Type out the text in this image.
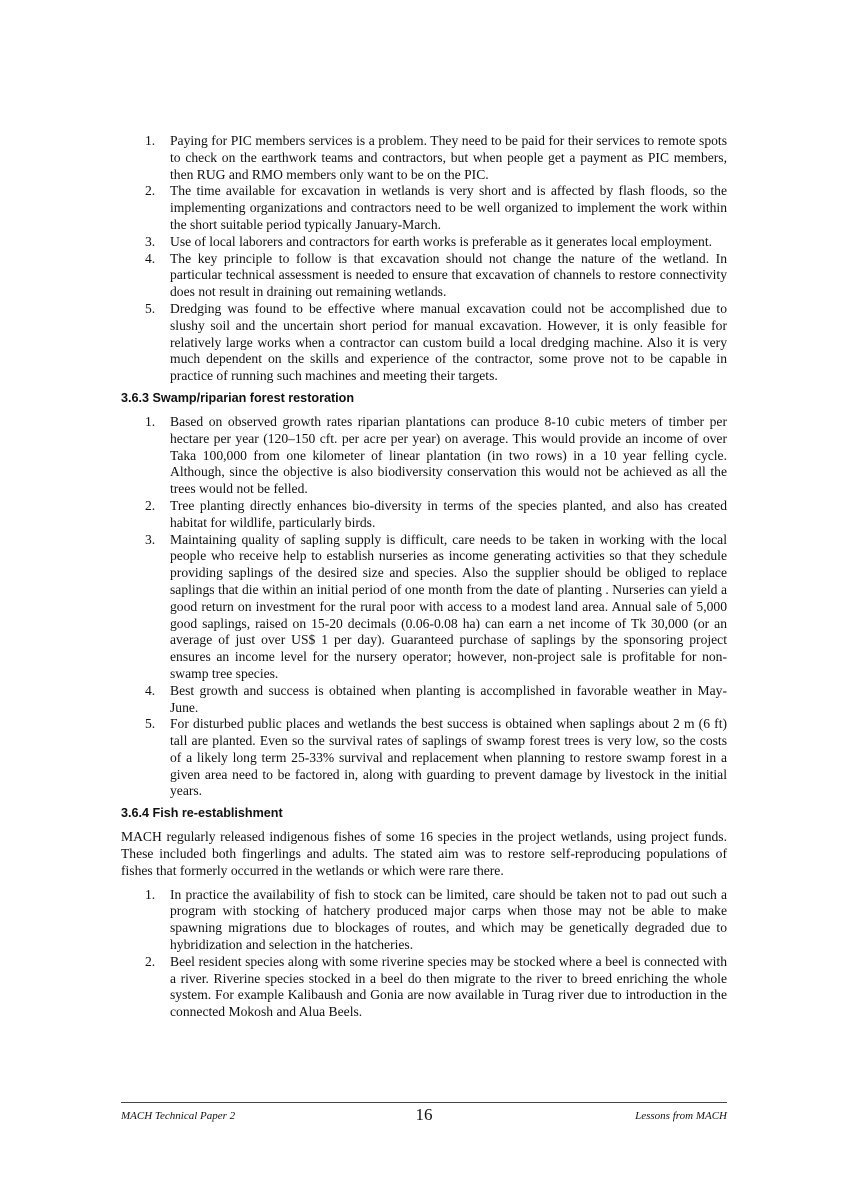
1. Paying for PIC members services is a problem. They need to be paid for their services to remote spots to check on the earthwork teams and contractors, but when people get a payment as PIC members, then RUG and RMO members only want to be on the PIC.
2. The time available for excavation in wetlands is very short and is affected by flash floods, so the implementing organizations and contractors need to be well organized to implement the work within the short suitable period typically January-March.
3. Use of local laborers and contractors for earth works is preferable as it generates local employment.
4. The key principle to follow is that excavation should not change the nature of the wetland. In particular technical assessment is needed to ensure that excavation of channels to restore connectivity does not result in draining out remaining wetlands.
5. Dredging was found to be effective where manual excavation could not be accomplished due to slushy soil and the uncertain short period for manual excavation. However, it is only feasible for relatively large works when a contractor can custom build a local dredging machine. Also it is very much dependent on the skills and experience of the contractor, some prove not to be capable in practice of running such machines and meeting their targets.
3.6.3 Swamp/riparian forest restoration
1. Based on observed growth rates riparian plantations can produce 8-10 cubic meters of timber per hectare per year (120–150 cft. per acre per year) on average. This would provide an income of over Taka 100,000 from one kilometer of linear plantation (in two rows) in a 10 year felling cycle. Although, since the objective is also biodiversity conservation this would not be achieved as all the trees would not be felled.
2. Tree planting directly enhances bio-diversity in terms of the species planted, and also has created habitat for wildlife, particularly birds.
3. Maintaining quality of sapling supply is difficult, care needs to be taken in working with the local people who receive help to establish nurseries as income generating activities so that they schedule providing saplings of the desired size and species. Also the supplier should be obliged to replace saplings that die within an initial period of one month from the date of planting . Nurseries can yield a good return on investment for the rural poor with access to a modest land area. Annual sale of 5,000 good saplings, raised on 15-20 decimals (0.06-0.08 ha) can earn a net income of Tk 30,000 (or an average of just over US$ 1 per day). Guaranteed purchase of saplings by the sponsoring project ensures an income level for the nursery operator; however, non-project sale is profitable for non-swamp tree species.
4. Best growth and success is obtained when planting is accomplished in favorable weather in May- June.
5. For disturbed public places and wetlands the best success is obtained when saplings about 2 m (6 ft) tall are planted. Even so the survival rates of saplings of swamp forest trees is very low, so the costs of a likely long term 25-33% survival and replacement when planning to restore swamp forest in a given area need to be factored in, along with guarding to prevent damage by livestock in the initial years.
3.6.4 Fish re-establishment

MACH regularly released indigenous fishes of some 16 species in the project wetlands, using project funds. These included both fingerlings and adults. The stated aim was to restore self-reproducing populations of fishes that formerly occurred in the wetlands or which were rare there.

1. In practice the availability of fish to stock can be limited, care should be taken not to pad out such a program with stocking of hatchery produced major carps when those may not be able to make spawning migrations due to blockages of routes, and which may be genetically degraded due to hybridization and selection in the hatcheries.
2. Beel resident species along with some riverine species may be stocked where a beel is connected with a river. Riverine species stocked in a beel do then migrate to the river to breed enriching the whole system. For example Kalibaush and Gonia are now available in Turag river due to introduction in the connected Mokosh and Alua Beels.
MACH Technical Paper 2	16	Lessons from MACH
